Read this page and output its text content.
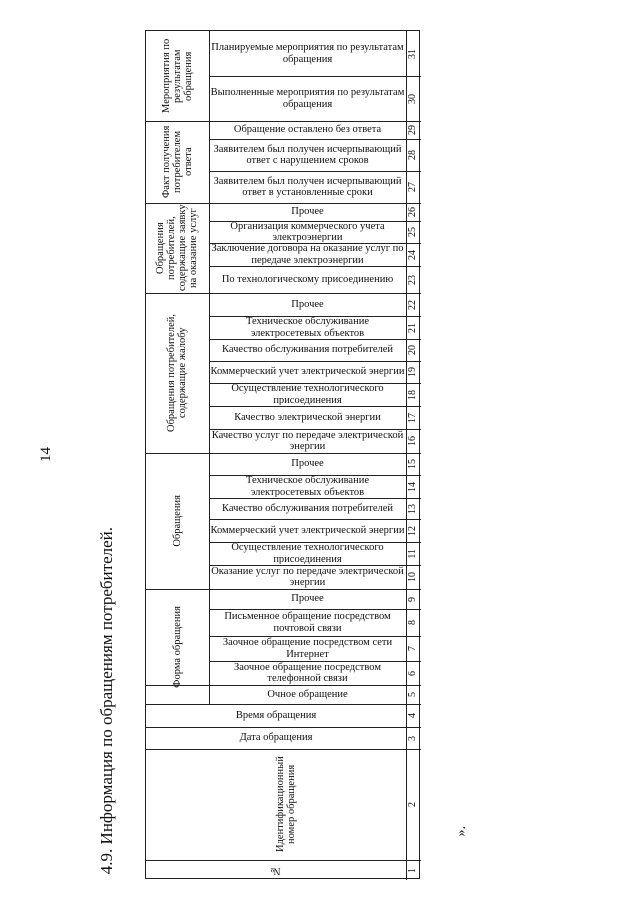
14
4.9. Информация по обращениям потребителей.	».
Форма обращения
Очное обращение
Заочное обращение посредством телефонной связи
Заочное обращение посредством сети Интернет
Письменное обращение посредством почтовой связи
Прочее
Обращения
Оказание услуг по передаче электрической энергии
Осуществление технологического присоединения
Коммерческий учет электрической энергии
Качество обслуживания потребителей
Техническое обслуживание электросетевых объектов
Прочее
Обращения потребителей, содержащие жалобу
Качество услуг по передаче электрической энергии
Качество электрической энергии
Осуществление технологического присоединения
Коммерческий учет электрической энергии
Качество обслуживания потребителей
Техническое обслуживание электросетевых объектов
Прочее
Обращения потребителей, содержащие заявку на оказание услуг По технологическому присоединению
Заключение договора на оказание услуг по передаче электроэнергии
Организация коммерческого учета электроэнергии
Прочее
Факт получения потребителем ответа
Заявителем был получен исчерпывающий ответ в установленные сроки
Заявителем был получен исчерпывающий ответ с нарушением сроков
Обращение оставлено без ответа
Мероприятия по результатам обращения Выполненные мероприятия по результатам обращения
Планируемые мероприятия по результатам обращения
Дата обращения
Время обращения
Идентификационный номер обращения
№	1
2
3
4
5
6
7
8
9
10
11
12
13
14
15
16
17
18
19
20
21
22
23
24
25
26
27
28
29
30
31
